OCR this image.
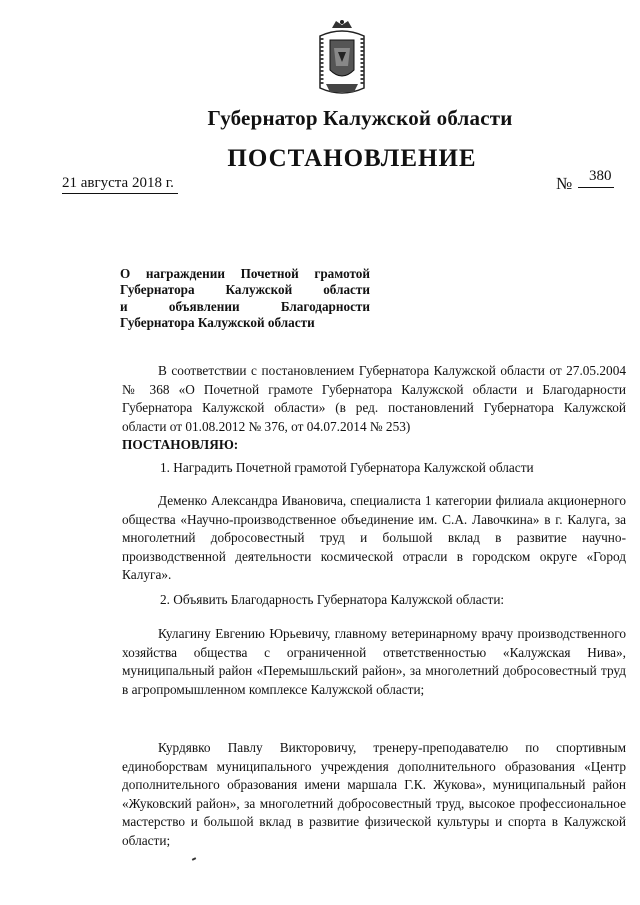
Губернатор Калужской области
ПОСТАНОВЛЕНИЕ
21 августа 2018 г.	№ 380
О награждении Почетной грамотой
Губернатора Калужской области
и объявлении Благодарности
Губернатора Калужской области
В соответствии с постановлением Губернатора Калужской области от 27.05.2004 № 368 «О Почетной грамоте Губернатора Калужской области и Благодарности Губернатора Калужской области» (в ред. постановлений Губернатора Калужской области от 01.08.2012 № 376, от 04.07.2014 № 253)
ПОСТАНОВЛЯЮ:
1. Наградить Почетной грамотой Губернатора Калужской области
Деменко Александра Ивановича, специалиста 1 категории филиала акционерного общества «Научно-производственное объединение им. С.А. Лавочкина» в г. Калуга, за многолетний добросовестный труд и большой вклад в развитие научно-производственной деятельности космической отрасли в городском округе «Город Калуга».
2. Объявить Благодарность Губернатора Калужской области:
Кулагину Евгению Юрьевичу, главному ветеринарному врачу производственного хозяйства общества с ограниченной ответственностью «Калужская Нива», муниципальный район «Перемышльский район», за многолетний добросовестный труд в агропромышленном комплексе Калужской области;
Курдявко Павлу Викторовичу, тренеру-преподавателю по спортивным единоборствам муниципального учреждения дополнительного образования «Центр дополнительного образования имени маршала Г.К. Жукова», муниципальный район «Жуковский район», за многолетний добросовестный труд, высокое профессиональное мастерство и большой вклад в развитие физической культуры и спорта в Калужской области;
